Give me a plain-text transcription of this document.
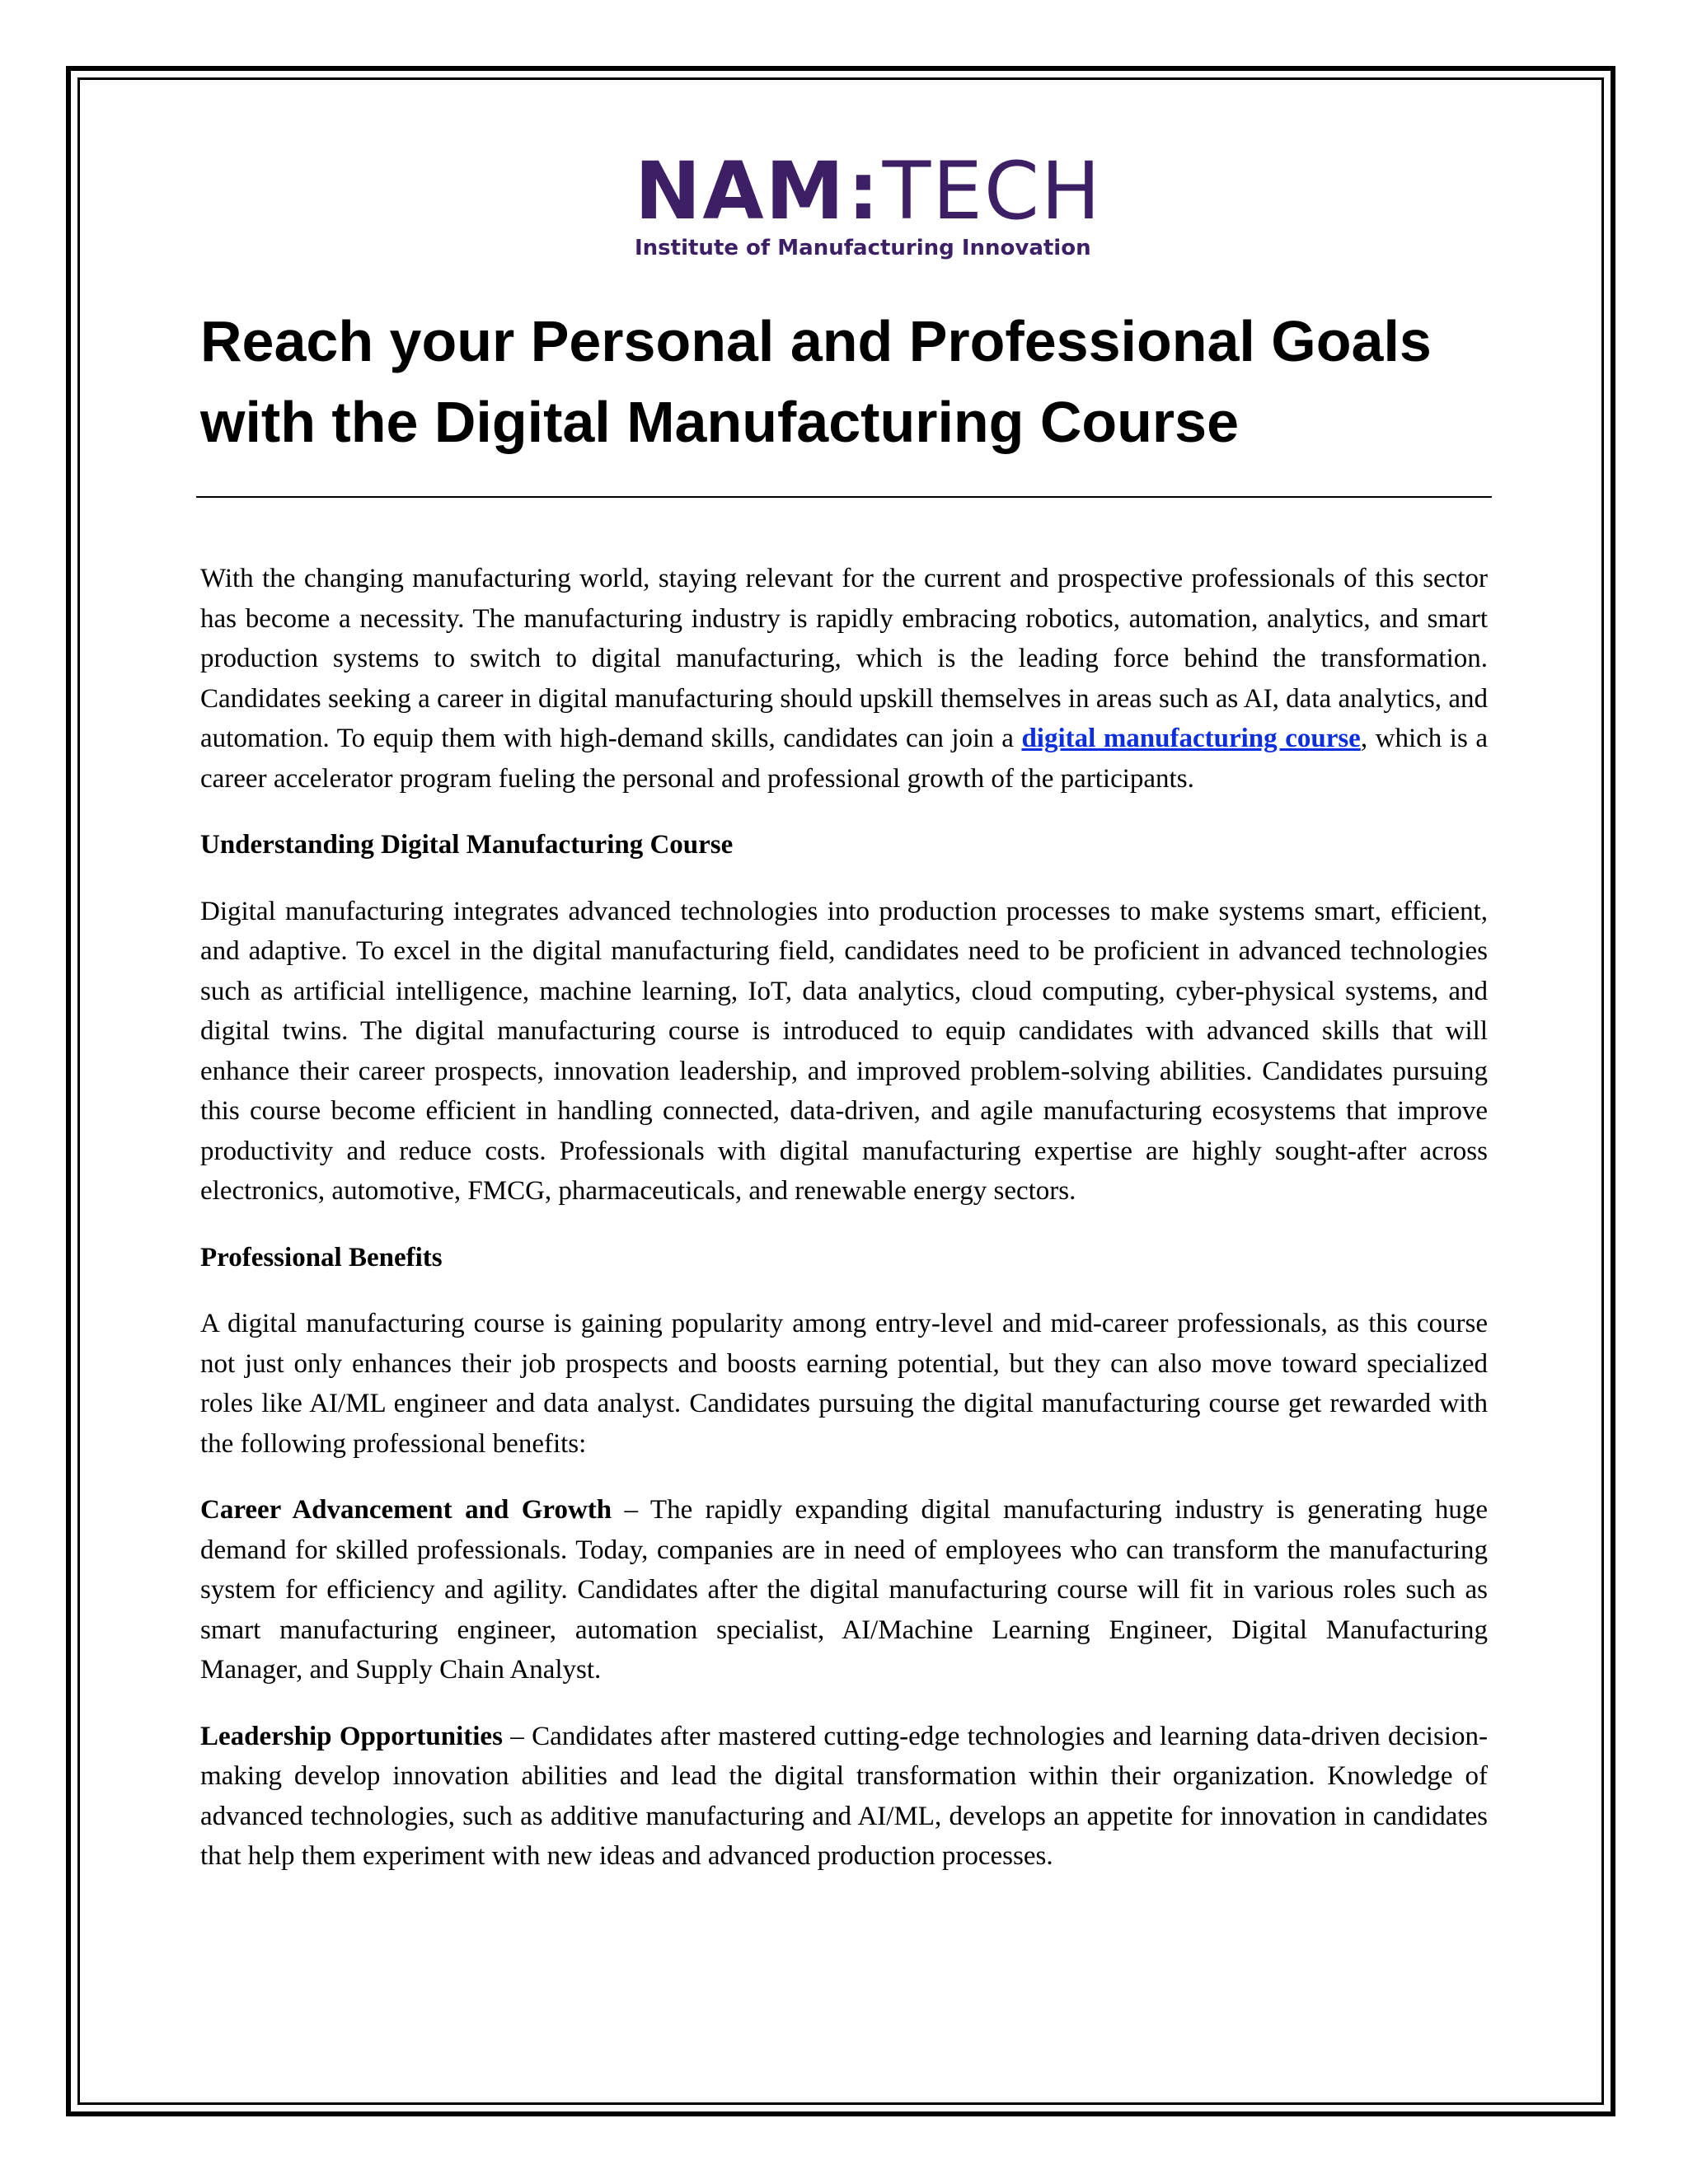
NAM:TECH
Institute of Manufacturing Innovation
Reach your Personal and Professional Goals with the Digital Manufacturing Course

With the changing manufacturing world, staying relevant for the current and prospective professionals of this sector has become a necessity. The manufacturing industry is rapidly embracing robotics, automation, analytics, and smart production systems to switch to digital manufacturing, which is the leading force behind the transformation. Candidates seeking a career in digital manufacturing should upskill themselves in areas such as AI, data analytics, and automation. To equip them with high-demand skills, candidates can join a digital manufacturing course, which is a career accelerator program fueling the personal and professional growth of the participants.

Understanding Digital Manufacturing Course

Digital manufacturing integrates advanced technologies into production processes to make systems smart, efficient, and adaptive. To excel in the digital manufacturing field, candidates need to be proficient in advanced technologies such as artificial intelligence, machine learning, IoT, data analytics, cloud computing, cyber-physical systems, and digital twins. The digital manufacturing course is introduced to equip candidates with advanced skills that will enhance their career prospects, innovation leadership, and improved problem-solving abilities. Candidates pursuing this course become efficient in handling connected, data-driven, and agile manufacturing ecosystems that improve productivity and reduce costs. Professionals with digital manufacturing expertise are highly sought-after across electronics, automotive, FMCG, pharmaceuticals, and renewable energy sectors.

Professional Benefits

A digital manufacturing course is gaining popularity among entry-level and mid-career professionals, as this course not just only enhances their job prospects and boosts earning potential, but they can also move toward specialized roles like AI/ML engineer and data analyst. Candidates pursuing the digital manufacturing course get rewarded with the following professional benefits:

Career Advancement and Growth – The rapidly expanding digital manufacturing industry is generating huge demand for skilled professionals. Today, companies are in need of employees who can transform the manufacturing system for efficiency and agility. Candidates after the digital manufacturing course will fit in various roles such as smart manufacturing engineer, automation specialist, AI/Machine Learning Engineer, Digital Manufacturing Manager, and Supply Chain Analyst.

Leadership Opportunities – Candidates after mastered cutting-edge technologies and learning data-driven decision-making develop innovation abilities and lead the digital transformation within their organization. Knowledge of advanced technologies, such as additive manufacturing and AI/ML, develops an appetite for innovation in candidates that help them experiment with new ideas and advanced production processes.
